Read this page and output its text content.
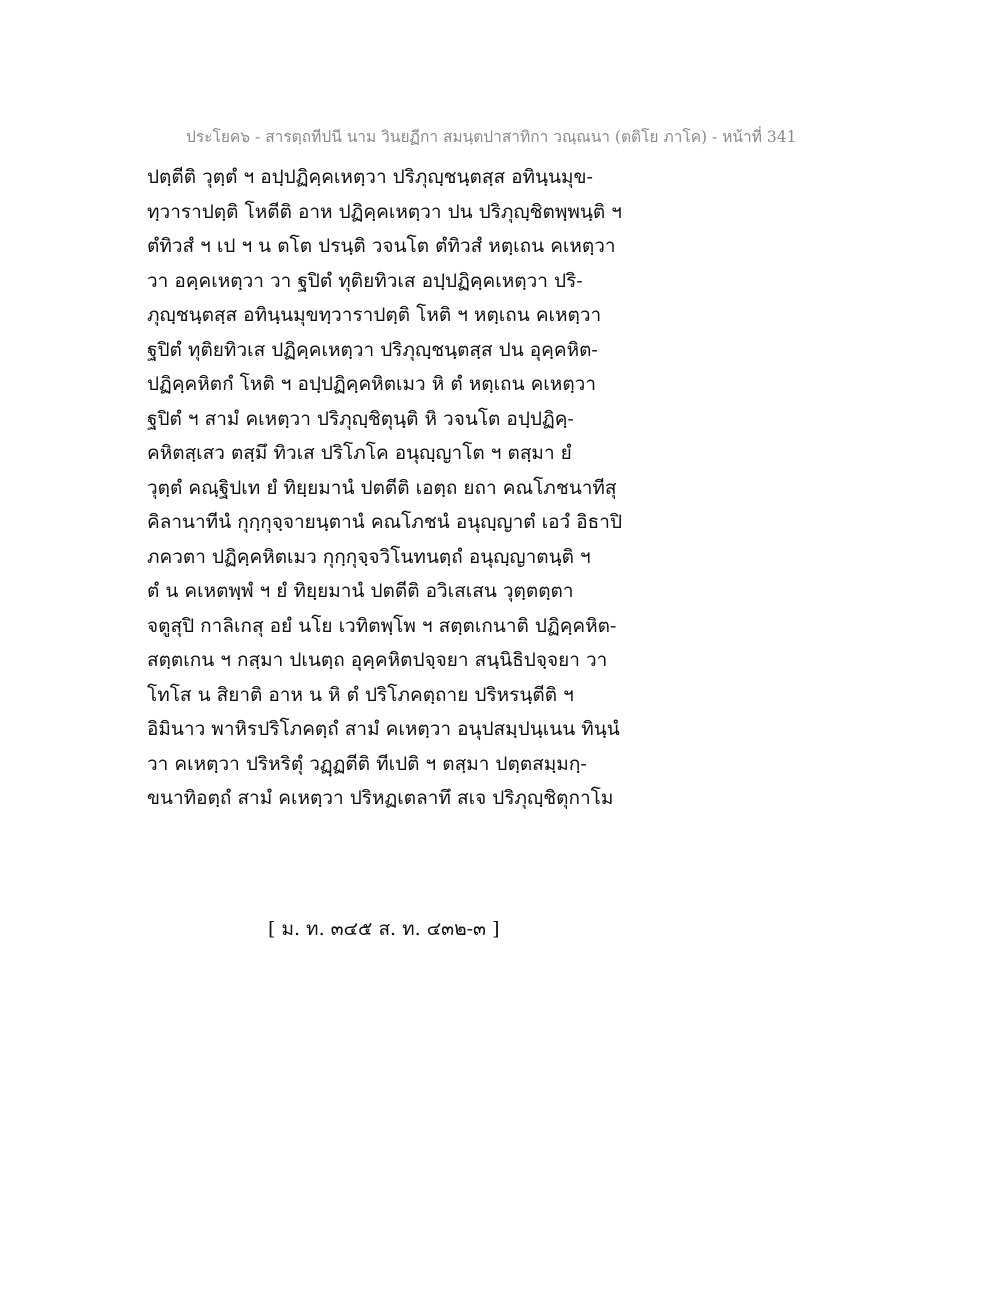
ประโยค๖ - สารตฺถทีปนี นาม วินยฏีกา สมนฺตปาสาทิกา วณฺณนา (ตติโย ภาโค) - หน้าที่ 341
ปตฺตีติ วุตฺตํ ฯ อปฺปฏิคฺคเหตฺวา ปริภุญฺชนฺตสฺส อทินฺนมุข-
ทฺวาราปตฺติ โหตีติ อาห ปฏิคฺคเหตฺวา ปน ปริภุญฺชิตพฺพนฺติ ฯ
ตํทิวสํ ฯ เป ฯ น ตโต ปรนฺติ วจนโต ตํทิวสํ หตฺเถน คเหตฺวา
วา อคฺคเหตฺวา วา ฐปิตํ ทุติยทิวเส อปฺปฏิคฺคเหตฺวา ปริ-
ภุญฺชนฺตสฺส อทินฺนมุขทฺวาราปตฺติ โหติ ฯ หตฺเถน คเหตฺวา
ฐปิตํ ทุติยทิวเส ปฏิคฺคเหตฺวา ปริภุญฺชนฺตสฺส ปน อุคฺคหิต-
ปฏิคฺคหิตกํ โหติ ฯ อปฺปฏิคฺคหิตเมว หิ ตํ หตฺเถน คเหตฺวา
ฐปิตํ ฯ สามํ คเหตฺวา ปริภุญฺชิตุนฺติ หิ วจนโต อปฺปฏิคฺ-
คหิตสฺเสว ตสฺมึ ทิวเส ปริโภโค อนุญฺญาโต ฯ ตสฺมา ยํ
วุตฺตํ คณฺฐิปเท ยํ ทิยฺยมานํ ปตตีติ เอตฺถ ยถา คณโภชนาทีสุ
คิลานาทีนํ กุกฺกุจฺจายนฺตานํ คณโภชนํ อนุญฺญาตํ เอวํ อิธาปิ
ภควตา ปฏิคฺคหิตเมว กุกฺกุจฺจวิโนทนตฺถํ อนุญฺญาตนฺติ ฯ
ตํ น คเหตพฺพํ ฯ ยํ ทิยฺยมานํ ปตตีติ อวิเสเสน วุตฺตตฺตา
จตูสุปิ กาลิเกสุ อยํ นโย เวทิตพฺโพ ฯ สตฺตเกนาติ ปฏิคฺคหิต-
สตฺตเกน ฯ กสฺมา ปเนตฺถ อุคฺคหิตปจฺจยา สนฺนิธิปจฺจยา วา
โทโส น สิยาติ อาห น หิ ตํ ปริโภคตฺถาย ปริหรนฺตีติ ฯ
อิมินาว พาหิรปริโภคตฺถํ สามํ คเหตฺวา อนุปสมฺปนฺเนน ทินฺนํ
วา คเหตฺวา ปริหริตุํ วฏฺฏตีติ ทีเปติ ฯ ตสฺมา ปตฺตสมฺมกฺ-
ขนาทิอตฺถํ สามํ คเหตฺวา ปริหฏเตลาทึ สเจ ปริภุญฺชิตุกาโม
[ ม. ท. ๓๔๕ ส. ท. ๔๓๒-๓ ]
